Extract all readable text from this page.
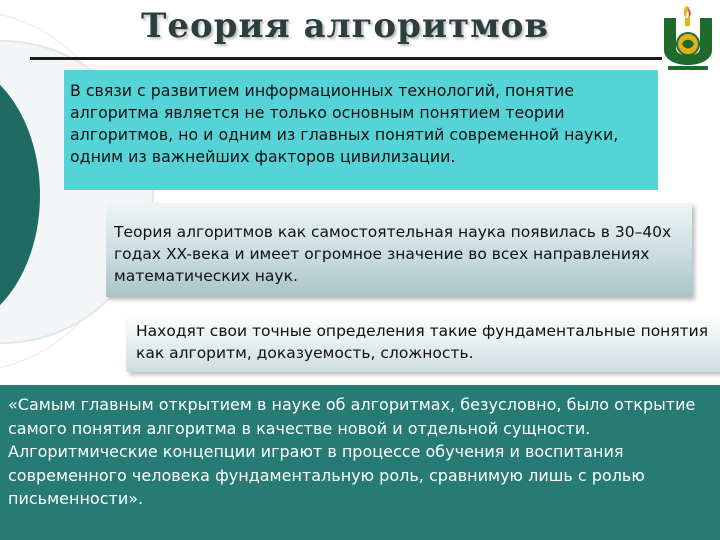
Теория алгоритмов
В связи с развитием информационных технологий, понятие алгоритма является не только основным понятием теории алгоритмов, но и одним из главных понятий современной науки, одним из важнейших факторов цивилизации.
Теория алгоритмов как самостоятельная наука появилась в 30–40х годах XX-века и имеет огромное значение во всех направлениях математических наук.
Находят свои точные определения такие фундаментальные понятия как алгоритм, доказуемость, сложность.
«Самым главным открытием в науке об алгоритмах, безусловно, было открытие самого понятия алгоритма в качестве новой и отдельной сущности. Алгоритмические концепции играют в процессе обучения и воспитания современного человека фундаментальную роль, сравнимую лишь с ролью письменности».
